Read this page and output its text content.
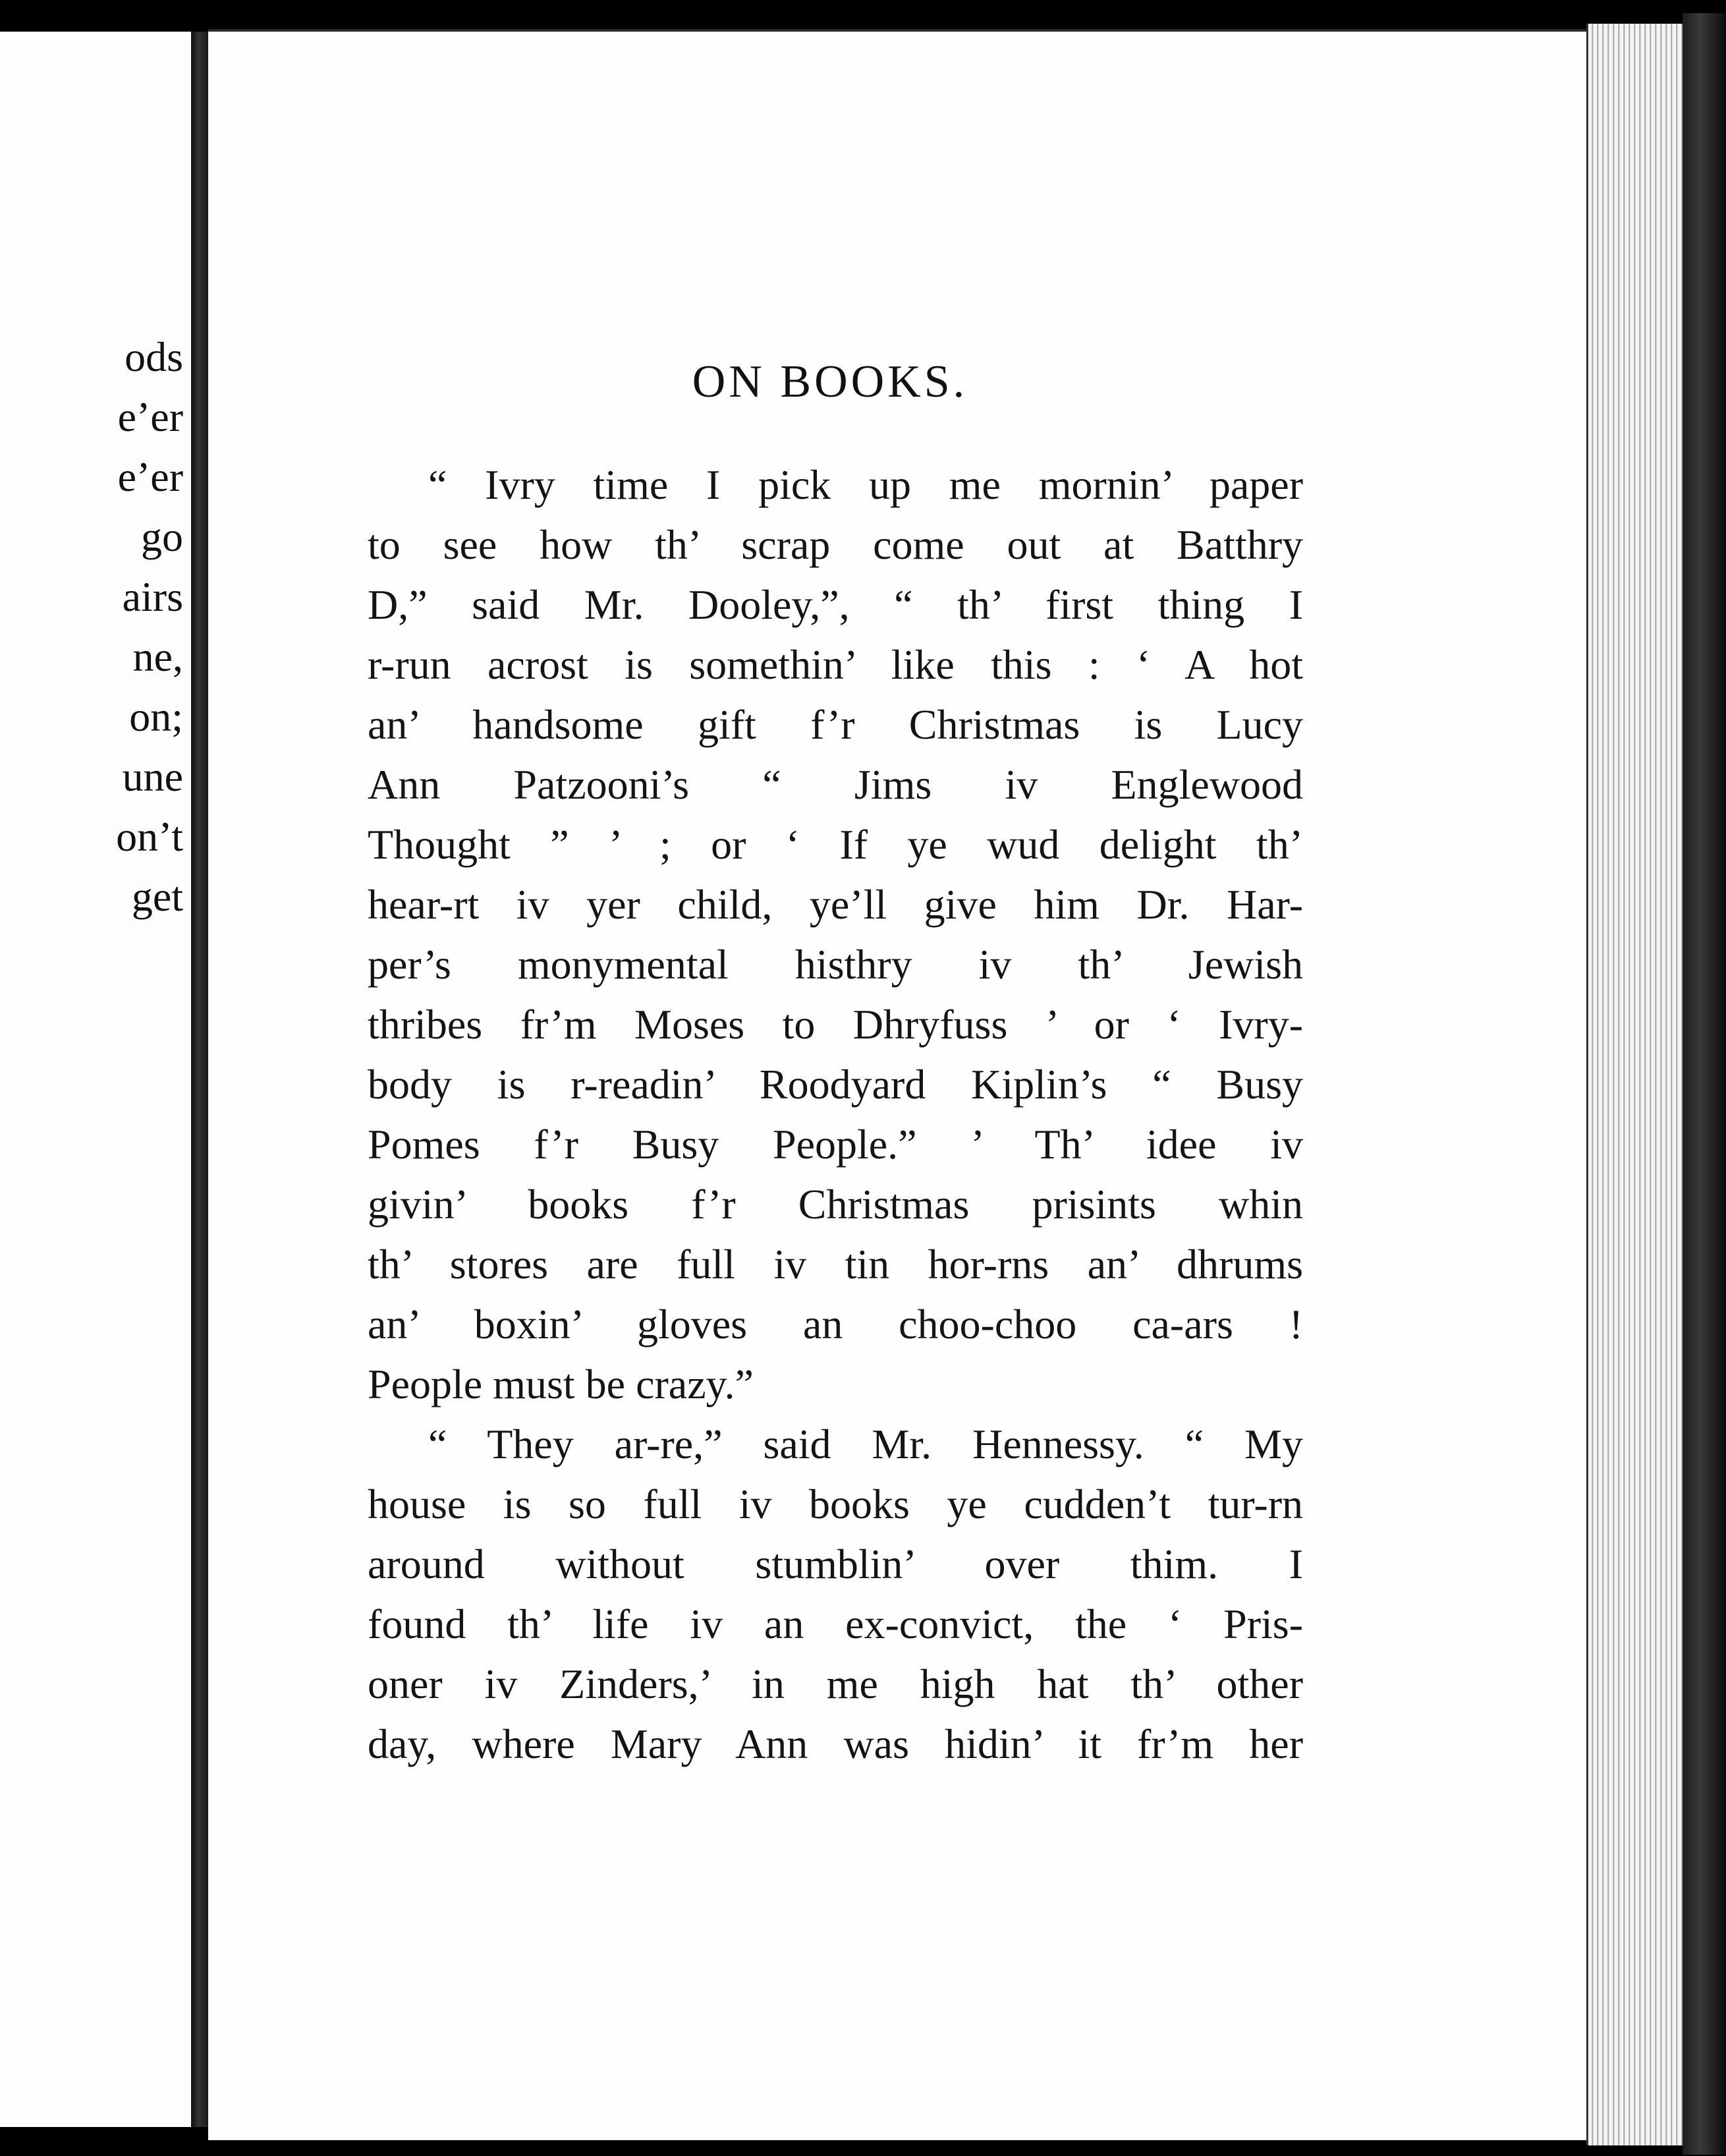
ods
e’er
e’er
go
airs
ne,
on;
une
on’t
get
ON BOOKS.
“ Ivry time I pick up me mornin’ paper
to see how th’ scrap come out at Batthry
D,” said Mr. Dooley,”, “ th’ first thing I
r-run acrost is somethin’ like this : ‘ A hot
an’ handsome gift f’r Christmas is Lucy
Ann Patzooni’s “ Jims iv Englewood
Thought ” ’ ; or ‘ If ye wud delight th’
hear-rt iv yer child, ye’ll give him Dr. Har-
per’s monymental histhry iv th’ Jewish
thribes fr’m Moses to Dhryfuss ’ or ‘ Ivry-
body is r-readin’ Roodyard Kiplin’s “ Busy
Pomes f’r Busy People.” ’ Th’ idee iv
givin’ books f’r Christmas prisints whin
th’ stores are full iv tin hor-rns an’ dhrums
an’ boxin’ gloves an choo-choo ca-ars !
People must be crazy.”
“ They ar-re,” said Mr. Hennessy. “ My
house is so full iv books ye cudden’t tur-rn
around without stumblin’ over thim. I
found th’ life iv an ex-convict, the ‘ Pris-
oner iv Zinders,’ in me high hat th’ other
day, where Mary Ann was hidin’ it fr’m her
